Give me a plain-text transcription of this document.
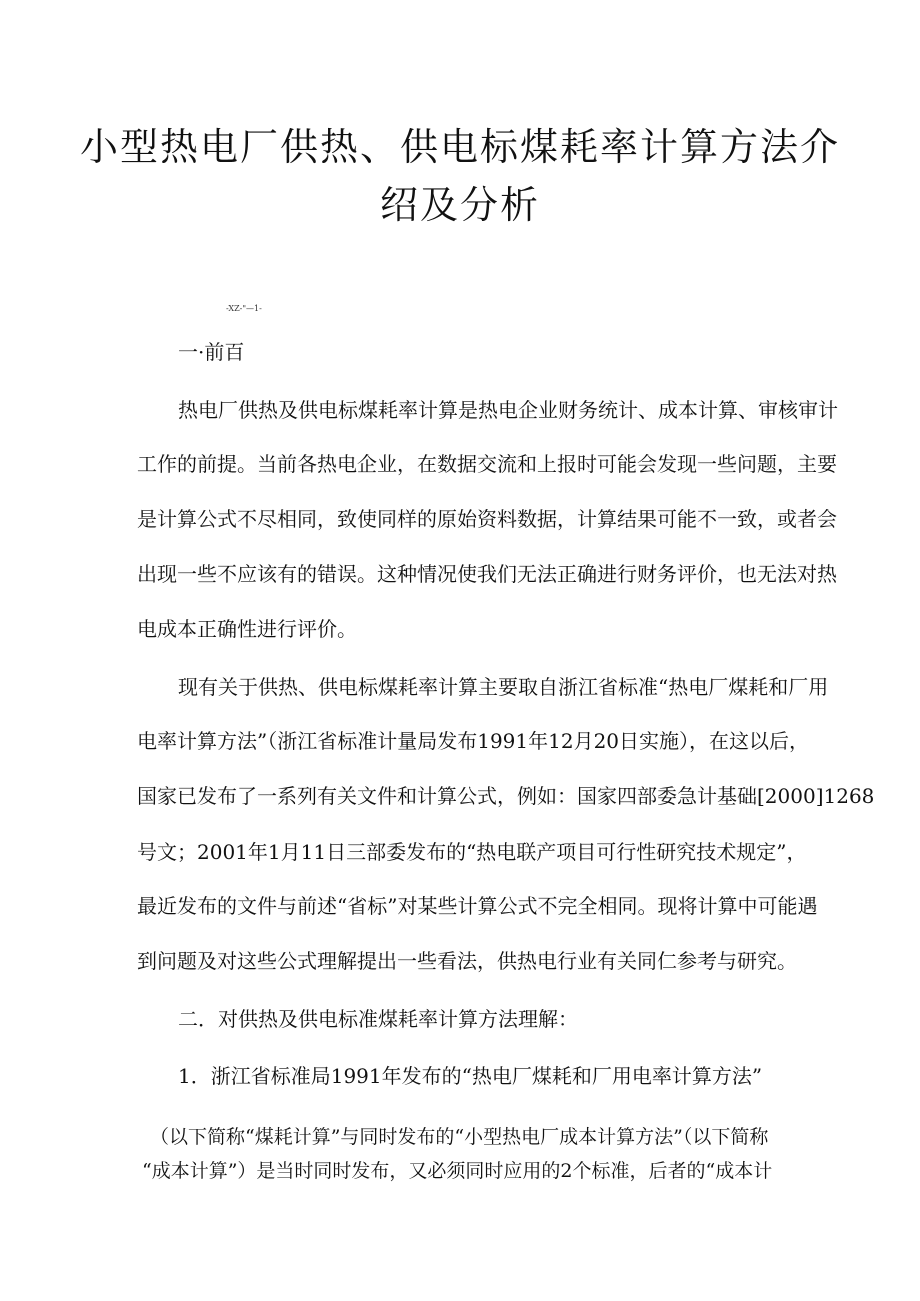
小型热电厂供热、供电标煤耗率计算方法介
绍及分析
-XZ-"—1-
一·前百
热电厂供热及供电标煤耗率计算是热电企业财务统计、成本计算、审核审计
工作的前提。当前各热电企业，在数据交流和上报时可能会发现一些问题，主要
是计算公式不尽相同，致使同样的原始资料数据，计算结果可能不一致，或者会
出现一些不应该有的错误。这种情况使我们无法正确进行财务评价，也无法对热
电成本正确性进行评价。
现有关于供热、供电标煤耗率计算主要取自浙江省标准“热电厂煤耗和厂用
电率计算方法”（浙江省标准计量局发布1991年12月20日实施），在这以后，
国家已发布了一系列有关文件和计算公式，例如：国家四部委急计基础[2000]1268
号文；2001年1月11日三部委发布的“热电联产项目可行性研究技术规定”，
最近发布的文件与前述“省标”对某些计算公式不完全相同。现将计算中可能遇
到问题及对这些公式理解提出一些看法，供热电行业有关同仁参考与研究。
二．对供热及供电标准煤耗率计算方法理解：
1．浙江省标准局1991年发布的“热电厂煤耗和厂用电率计算方法”
（以下简称“煤耗计算”与同时发布的“小型热电厂成本计算方法”（以下简称
“成本计算”）是当时同时发布，又必须同时应用的2个标准，后者的“成本计
